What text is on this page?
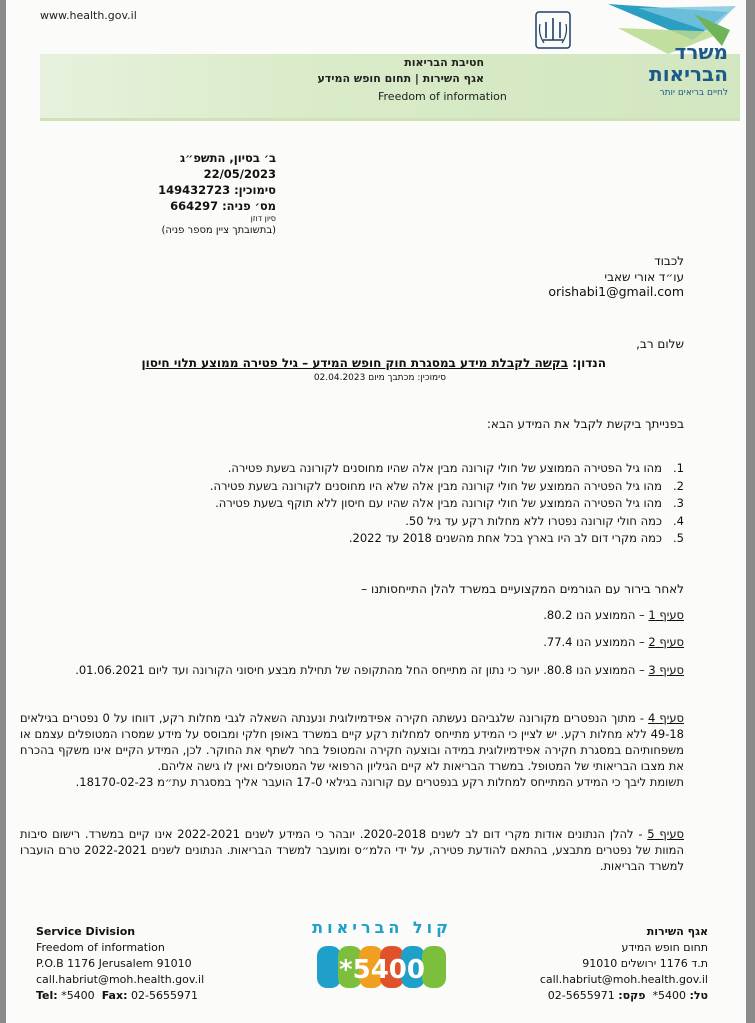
www.health.gov.il
משרד
הבריאות
לחיים בריאים יותר
חטיבת הבריאות
אגף השירות | תחום חופש המידע
Freedom of information
ב׳ בסיון, התשפ״ג
22/05/2023
סימוכין: 149432723
מס׳ פניה: 664297
סיון דוזן
(בתשובתך ציין מספר פניה)
לכבוד
עו״ד אורי שאבי
orishabi1@gmail.com
שלום רב,
הנדון: בקשה לקבלת מידע במסגרת חוק חופש המידע – גיל פטירה ממוצע תלוי חיסון
סימוכין: מכתבך מיום 02.04.2023
בפנייתך ביקשת לקבל את המידע הבא:
1.
מהו גיל הפטירה הממוצע של חולי קורונה מבין אלה שהיו מחוסנים לקורונה בשעת פטירה.
2.
מהו גיל הפטירה הממוצע של חולי קורונה מבין אלה שלא היו מחוסנים לקורונה בשעת פטירה.
3.
מהו גיל הפטירה הממוצע של חולי קורונה מבין אלה שהיו עם חיסון ללא תוקף בשעת פטירה.
4.
כמה חולי קורונה נפטרו ללא מחלות רקע עד גיל 50.
5.
כמה מקרי דום לב היו בארץ בכל אחת מהשנים 2018 עד 2022.
לאחר בירור עם הגורמים המקצועיים במשרד להלן התייחסותנו –
סעיף 1 – הממוצע הנו 80.2.
סעיף 2 – הממוצע הנו 77.4.
סעיף 3 – הממוצע הנו 80.8. יוער כי נתון זה מתייחס החל מהתקופה של תחילת מבצע חיסוני הקורונה ועד ליום 01.06.2021.
סעיף 4 - מתוך הנפטרים מקורונה שלגביהם נעשתה חקירה אפידמיולוגית ונענתה השאלה לגבי מחלות רקע, דווחו על 0 נפטרים בגילאים 49-18 ללא מחלות רקע. יש לציין כי המידע מתייחס למחלות רקע קיים במשרד באופן חלקי ומבוסס על מידע שמסרו המטופלים עצמם או משפחותיהם במסגרת חקירה אפידמיולוגית במידה ובוצעה חקירה והמטופל בחר לשתף את החוקר. לכן, המידע הקיים אינו משקף בהכרח את מצבו הבריאותי של המטופל. במשרד הבריאות לא קיים הגיליון הרפואי של המטופלים ואין לו גישה אליהם.
תשומת ליבך כי המידע המתייחס למחלות רקע בנפטרים עם קורונה בגילאי 17-0 הועבר אליך במסגרת עת״מ 18170-02-23.
סעיף 5 - להלן הנתונים אודות מקרי דום לב לשנים 2020-2018. יובהר כי המידע לשנים 2022-2021 אינו קיים במשרד. רישום סיבות המוות של נפטרים מתבצע, בהתאם להודעת פטירה, על ידי הלמ״ס ומועבר למשרד הבריאות. הנתונים לשנים 2022-2021 טרם הועברו למשרד הבריאות.
Service Division
Freedom of information
P.O.B 1176 Jerusalem 91010
call.habriut@moh.health.gov.il
Tel: *5400 Fax: 02-5655971
קול הבריאות
*5400
אגף השירות
תחום חופש המידע
ת.ד 1176 ירושלים 91010
call.habriut@moh.health.gov.il
טל: *5400  פקס: 02-5655971
